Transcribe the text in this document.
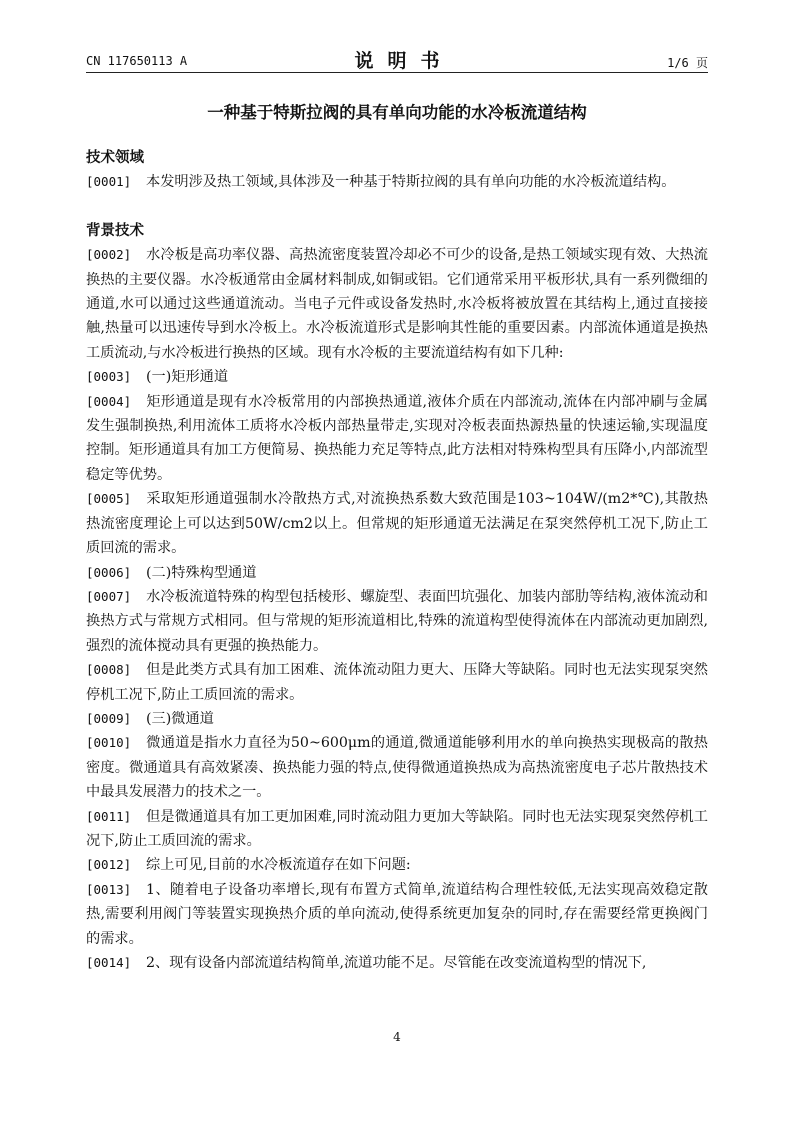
CN 117650113 A	说明书	1/6 页
一种基于特斯拉阀的具有单向功能的水冷板流道结构
技术领域
[0001] 本发明涉及热工领域,具体涉及一种基于特斯拉阀的具有单向功能的水冷板流道结构。
背景技术
[0002] 水冷板是高功率仪器、高热流密度装置冷却必不可少的设备,是热工领域实现有效、大热流换热的主要仪器。水冷板通常由金属材料制成,如铜或铝。它们通常采用平板形状,具有一系列微细的通道,水可以通过这些通道流动。当电子元件或设备发热时,水冷板将被放置在其结构上,通过直接接触,热量可以迅速传导到水冷板上。水冷板流道形式是影响其性能的重要因素。内部流体通道是换热工质流动,与水冷板进行换热的区域。现有水冷板的主要流道结构有如下几种:
[0003] (一)矩形通道
[0004] 矩形通道是现有水冷板常用的内部换热通道,液体介质在内部流动,流体在内部冲刷与金属发生强制换热,利用流体工质将水冷板内部热量带走,实现对冷板表面热源热量的快速运输,实现温度控制。矩形通道具有加工方便简易、换热能力充足等特点,此方法相对特殊构型具有压降小,内部流型稳定等优势。
[0005] 采取矩形通道强制水冷散热方式,对流换热系数大致范围是103~104W/(m2*℃),其散热热流密度理论上可以达到50W/cm2以上。但常规的矩形通道无法满足在泵突然停机工况下,防止工质回流的需求。
[0006] (二)特殊构型通道
[0007] 水冷板流道特殊的构型包括棱形、螺旋型、表面凹坑强化、加装内部肋等结构,液体流动和换热方式与常规方式相同。但与常规的矩形流道相比,特殊的流道构型使得流体在内部流动更加剧烈,强烈的流体搅动具有更强的换热能力。
[0008] 但是此类方式具有加工困难、流体流动阻力更大、压降大等缺陷。同时也无法实现泵突然停机工况下,防止工质回流的需求。
[0009] (三)微通道
[0010] 微通道是指水力直径为50~600μm的通道,微通道能够利用水的单向换热实现极高的散热密度。微通道具有高效紧凑、换热能力强的特点,使得微通道换热成为高热流密度电子芯片散热技术中最具发展潜力的技术之一。
[0011] 但是微通道具有加工更加困难,同时流动阻力更加大等缺陷。同时也无法实现泵突然停机工况下,防止工质回流的需求。
[0012] 综上可见,目前的水冷板流道存在如下问题:
[0013] 1、随着电子设备功率增长,现有布置方式简单,流道结构合理性较低,无法实现高效稳定散热,需要利用阀门等装置实现换热介质的单向流动,使得系统更加复杂的同时,存在需要经常更换阀门的需求。
[0014] 2、现有设备内部流道结构简单,流道功能不足。尽管能在改变流道构型的情况下,
4
